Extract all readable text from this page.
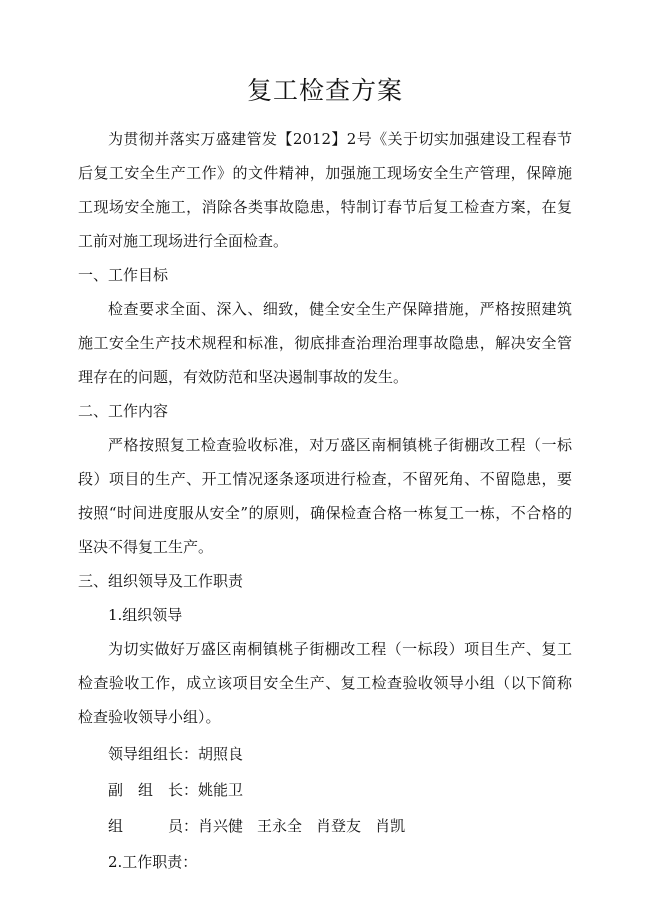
复工检查方案

为贯彻并落实万盛建管发【2012】2号《关于切实加强建设工程春节后复工安全生产工作》的文件精神，加强施工现场安全生产管理，保障施工现场安全施工，消除各类事故隐患，特制订春节后复工检查方案，在复工前对施工现场进行全面检查。

一、工作目标

检查要求全面、深入、细致，健全安全生产保障措施，严格按照建筑施工安全生产技术规程和标准，彻底排查治理治理事故隐患，解决安全管理存在的问题，有效防范和坚决遏制事故的发生。

二、工作内容

严格按照复工检查验收标准，对万盛区南桐镇桃子街棚改工程（一标段）项目的生产、开工情况逐条逐项进行检查，不留死角、不留隐患，要按照“时间进度服从安全”的原则，确保检查合格一栋复工一栋，不合格的坚决不得复工生产。

三、组织领导及工作职责

1.组织领导

为切实做好万盛区南桐镇桃子街棚改工程（一标段）项目生产、复工检查验收工作，成立该项目安全生产、复工检查验收领导小组（以下简称检查验收领导小组）。

领导组组长：胡照良

副　组　长：姚能卫

组　　　员：肖兴健 王永全 肖登友 肖凯

2.工作职责：
